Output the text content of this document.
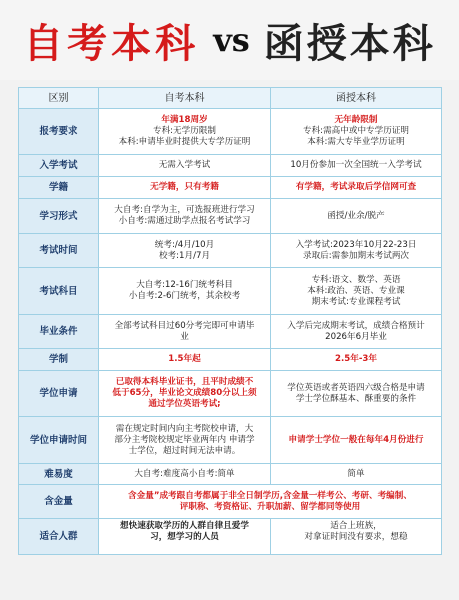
自考本科 vs 函授本科
区别	自考本科	函授本科
报考要求	年满18周岁
专科:无学历限制
本科:申请毕业时提供大专学历证明	无年龄限制
专科:需高中或中专学历证明
本科:需大专毕业学历证明

入学考试	无需入学考试	10月份参加一次全国统一入学考试

学籍	无学籍，只有考籍	有学籍，考试录取后学信网可查

学习形式	大自考:自学为主，可选报班进行学习
小自考:需通过助学点报名考试学习	函授/业余/脱产

考试时间	统考:/4月/10月
校考:1月/7月	入学考试:2023年10月22-23日
录取后:需参加期末考试两次

考试科目	大自考:12-16门统考科目
小自考:2-6门统考，其余校考	专科:语文、数学、英语
本科:政治、英语、专业课
期末考试:专业课程考试

毕业条件	全部考试科目过60分考完即可申请毕
业	入学后完成期末考试，成绩合格预计
2026年6月毕业

学制	1.5年起	2.5年-3年

学位申请	已取得本科毕业证书，且平时成绩不
低于65分，毕业论文成绩80分以上须
通过学位英语考试;	学位英语或者英语四六级合格是申请
学士学位酥基本、酥重要的条件

学位申请时间	需在规定时间内向主考院校申请，大
部分主考院校规定毕业两年内 申请学
士学位，超过时间无法申请。	申请学士学位一般在每年4月份进行

难易度	大自考:难度高小自考:简单	简单

含金量	含金量”成考跟自考都属于非全日制学历,含金量一样考公、考研、考编制、
评职称、考资格证、升职加薪、留学都同等使用	

适合人群	想快速获取学历的人群自律且爱学
习，想学习的人员	适合上班族，
对拿证时间没有要求，想稳
